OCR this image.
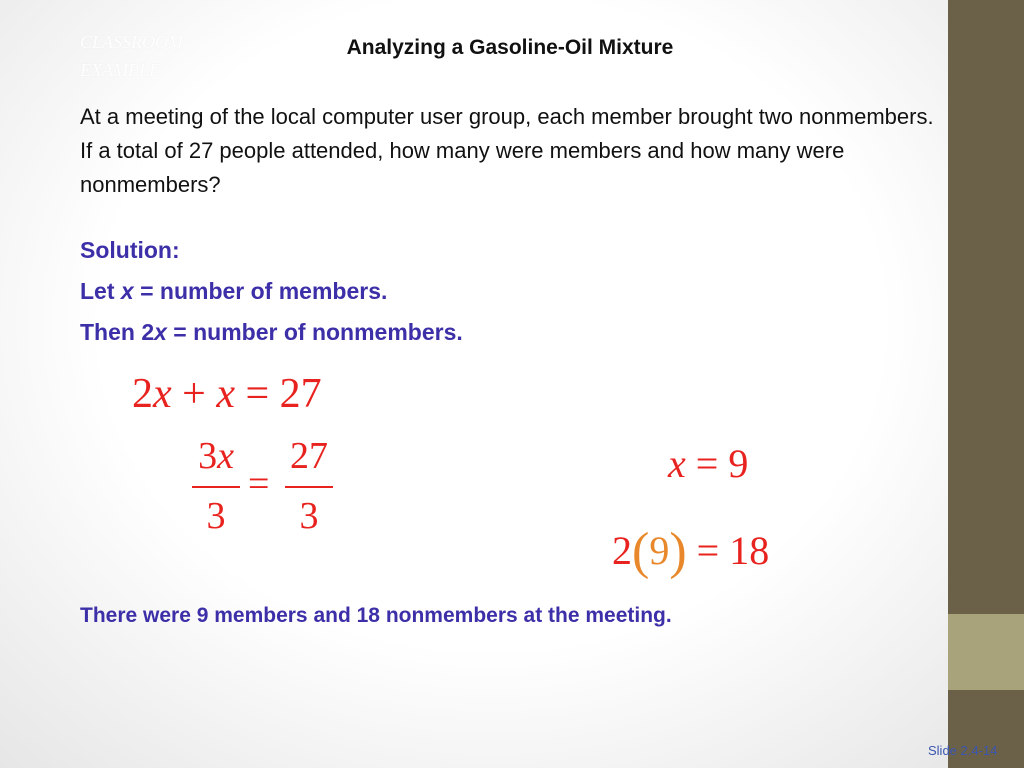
CLASSROOM
EXAMPLE
Analyzing a Gasoline-Oil Mixture

At a meeting of the local computer user group, each member brought two nonmembers. If a total of 27 people attended, how many were members and how many were nonmembers?

Solution:
Let x = number of members.
Then 2x = number of nonmembers.
2x + x = 27
3x
3
=
27
3
x = 9
2(9) = 18

There were 9 members and 18 nonmembers at the meeting.

Slide 2.4-14
